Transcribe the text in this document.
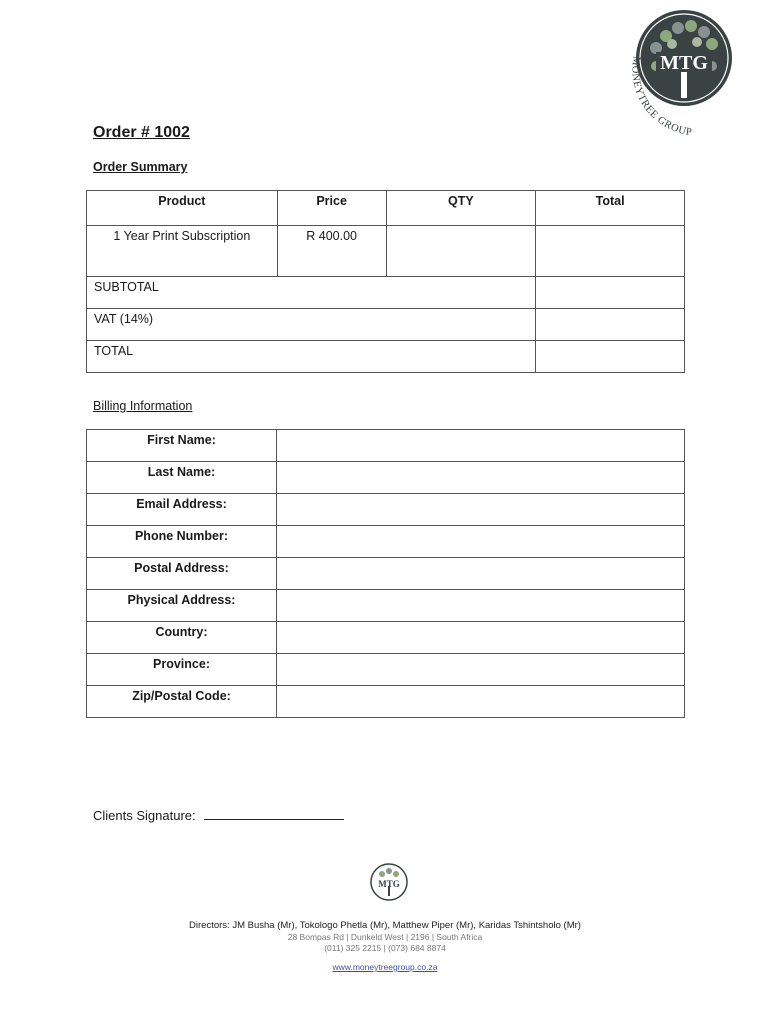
MTG
MONEYTREE GROUP
Order # 1002
Order Summary
Product	Price	QTY	Total
1 Year Print Subscription	R 400.00		
SUBTOTAL			
VAT (14%)			
TOTAL			
Billing Information
First Name:	
Last Name:	
Email Address:	
Phone Number:	
Postal Address:	
Physical Address:	
Country:	
Province:	
Zip/Postal Code:	
Clients Signature:
MTG
Directors: JM Busha (Mr), Tokologo Phetla (Mr), Matthew Piper (Mr), Karidas Tshintsholo (Mr)
28 Bompas Rd | Dunkeld West | 2196 | South Africa
(011) 325 2215 | (073) 684 8874
www.moneytreegroup.co.za
